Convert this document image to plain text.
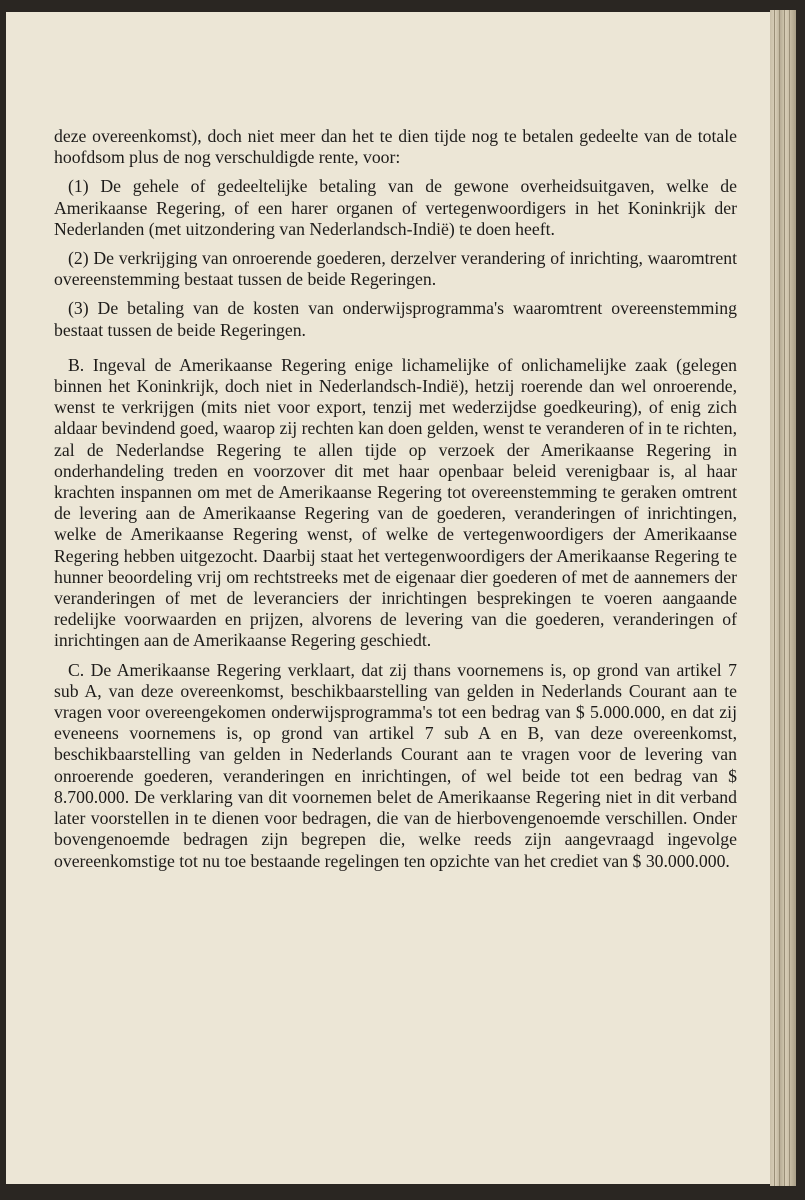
deze overeenkomst), doch niet meer dan het te dien tijde nog te betalen gedeelte van de totale hoofdsom plus de nog verschuldigde rente, voor:

(1) De gehele of gedeeltelijke betaling van de gewone overheidsuitgaven, welke de Amerikaanse Regering, of een harer organen of vertegenwoordigers in het Koninkrijk der Nederlanden (met uitzondering van Nederlandsch-Indië) te doen heeft.

(2) De verkrijging van onroerende goederen, derzelver verandering of inrichting, waaromtrent overeenstemming bestaat tussen de beide Regeringen.

(3) De betaling van de kosten van onderwijsprogramma's waaromtrent overeenstemming bestaat tussen de beide Regeringen.

B. Ingeval de Amerikaanse Regering enige lichamelijke of onlichamelijke zaak (gelegen binnen het Koninkrijk, doch niet in Nederlandsch-Indië), hetzij roerende dan wel onroerende, wenst te verkrijgen (mits niet voor export, tenzij met wederzijdse goedkeuring), of enig zich aldaar bevindend goed, waarop zij rechten kan doen gelden, wenst te veranderen of in te richten, zal de Nederlandse Regering te allen tijde op verzoek der Amerikaanse Regering in onderhandeling treden en voorzover dit met haar openbaar beleid verenigbaar is, al haar krachten inspannen om met de Amerikaanse Regering tot overeenstemming te geraken omtrent de levering aan de Amerikaanse Regering van de goederen, veranderingen of inrichtingen, welke de Amerikaanse Regering wenst, of welke de vertegenwoordigers der Amerikaanse Regering hebben uitgezocht. Daarbij staat het vertegenwoordigers der Amerikaanse Regering te hunner beoordeling vrij om rechtstreeks met de eigenaar dier goederen of met de aannemers der veranderingen of met de leveranciers der inrichtingen besprekingen te voeren aangaande redelijke voorwaarden en prijzen, alvorens de levering van die goederen, veranderingen of inrichtingen aan de Amerikaanse Regering geschiedt.

C. De Amerikaanse Regering verklaart, dat zij thans voornemens is, op grond van artikel 7 sub A, van deze overeenkomst, beschikbaarstelling van gelden in Nederlands Courant aan te vragen voor overeengekomen onderwijsprogramma's tot een bedrag van $ 5.000.000, en dat zij eveneens voornemens is, op grond van artikel 7 sub A en B, van deze overeenkomst, beschikbaarstelling van gelden in Nederlands Courant aan te vragen voor de levering van onroerende goederen, veranderingen en inrichtingen, of wel beide tot een bedrag van $ 8.700.000. De verklaring van dit voornemen belet de Amerikaanse Regering niet in dit verband later voorstellen in te dienen voor bedragen, die van de hierbovengenoemde verschillen. Onder bovengenoemde bedragen zijn begrepen die, welke reeds zijn aangevraagd ingevolge overeenkomstige tot nu toe bestaande regelingen ten opzichte van het crediet van $ 30.000.000.
